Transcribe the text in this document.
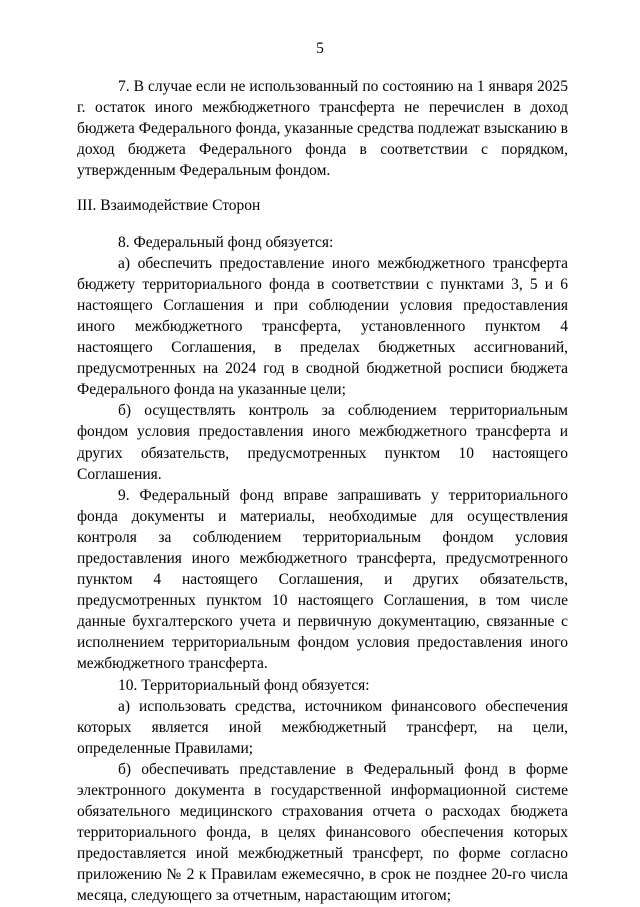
5

7. В случае если не использованный по состоянию на 1 января 2025 г. остаток иного межбюджетного трансферта не перечислен в доход бюджета Федерального фонда, указанные средства подлежат взысканию в доход бюджета Федерального фонда в соответствии с порядком, утвержденным Федеральным фондом.

III. Взаимодействие Сторон

8. Федеральный фонд обязуется:

а) обеспечить предоставление иного межбюджетного трансферта бюджету территориального фонда в соответствии с пунктами 3, 5 и 6 настоящего Соглашения и при соблюдении условия предоставления иного межбюджетного трансферта, установленного пунктом 4 настоящего Соглашения, в пределах бюджетных ассигнований, предусмотренных на 2024 год в сводной бюджетной росписи бюджета Федерального фонда на указанные цели;

б) осуществлять контроль за соблюдением территориальным фондом условия предоставления иного межбюджетного трансферта и других обязательств, предусмотренных пунктом 10 настоящего Соглашения.

9. Федеральный фонд вправе запрашивать у территориального фонда документы и материалы, необходимые для осуществления контроля за соблюдением территориальным фондом условия предоставления иного межбюджетного трансферта, предусмотренного пунктом 4 настоящего Соглашения, и других обязательств, предусмотренных пунктом 10 настоящего Соглашения, в том числе данные бухгалтерского учета и первичную документацию, связанные с исполнением территориальным фондом условия предоставления иного межбюджетного трансферта.

10. Территориальный фонд обязуется:

а) использовать средства, источником финансового обеспечения которых является иной межбюджетный трансферт, на цели, определенные Правилами;

б) обеспечивать представление в Федеральный фонд в форме электронного документа в государственной информационной системе обязательного медицинского страхования отчета о расходах бюджета территориального фонда, в целях финансового обеспечения которых предоставляется иной межбюджетный трансферт, по форме согласно приложению № 2 к Правилам ежемесячно, в срок не позднее 20-го числа месяца, следующего за отчетным, нарастающим итогом;
